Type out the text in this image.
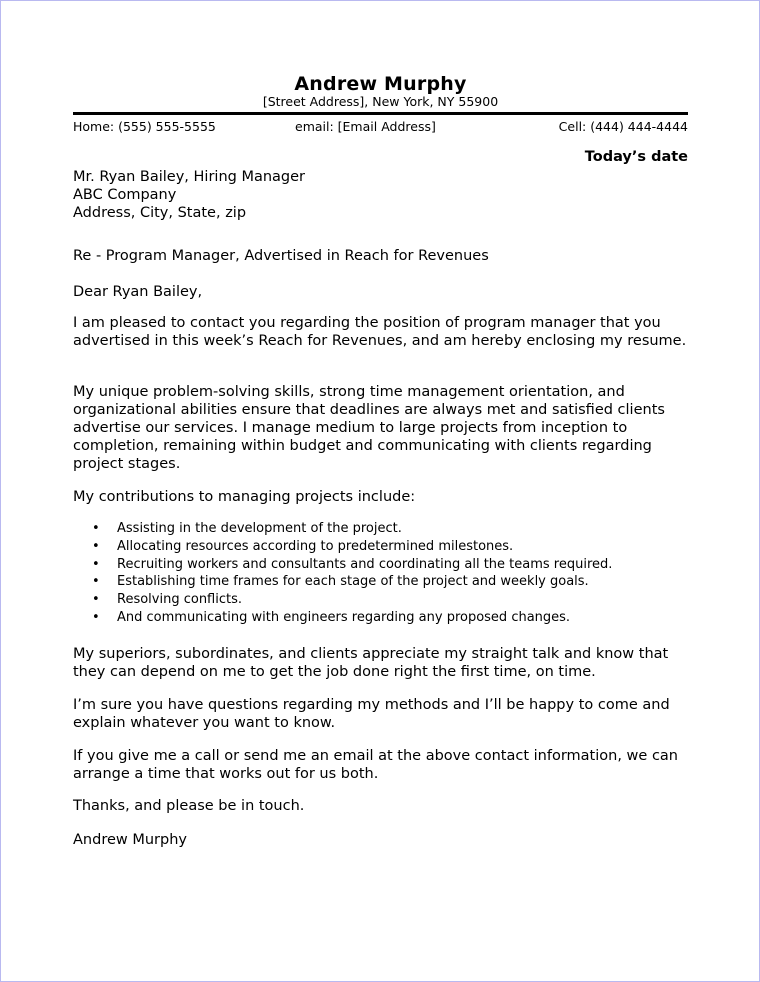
Andrew Murphy
[Street Address], New York, NY 55900
Home: (555) 555-5555	email: [Email Address]	Cell: (444) 444-4444
Today’s date
Mr. Ryan Bailey, Hiring Manager
ABC Company
Address, City, State, zip
Re - Program Manager, Advertised in Reach for Revenues
Dear Ryan Bailey,
I am pleased to contact you regarding the position of program manager that you advertised in this week’s Reach for Revenues, and am hereby enclosing my resume.
My unique problem-solving skills, strong time management orientation, and organizational abilities ensure that deadlines are always met and satisfied clients advertise our services. I manage medium to large projects from inception to completion, remaining within budget and communicating with clients regarding project stages.
My contributions to managing projects include:
• Assisting in the development of the project.
• Allocating resources according to predetermined milestones.
• Recruiting workers and consultants and coordinating all the teams required.
• Establishing time frames for each stage of the project and weekly goals.
• Resolving conflicts.
• And communicating with engineers regarding any proposed changes.
My superiors, subordinates, and clients appreciate my straight talk and know that they can depend on me to get the job done right the first time, on time.
I’m sure you have questions regarding my methods and I’ll be happy to come and explain whatever you want to know.
If you give me a call or send me an email at the above contact information, we can arrange a time that works out for us both.
Thanks, and please be in touch.
Andrew Murphy
